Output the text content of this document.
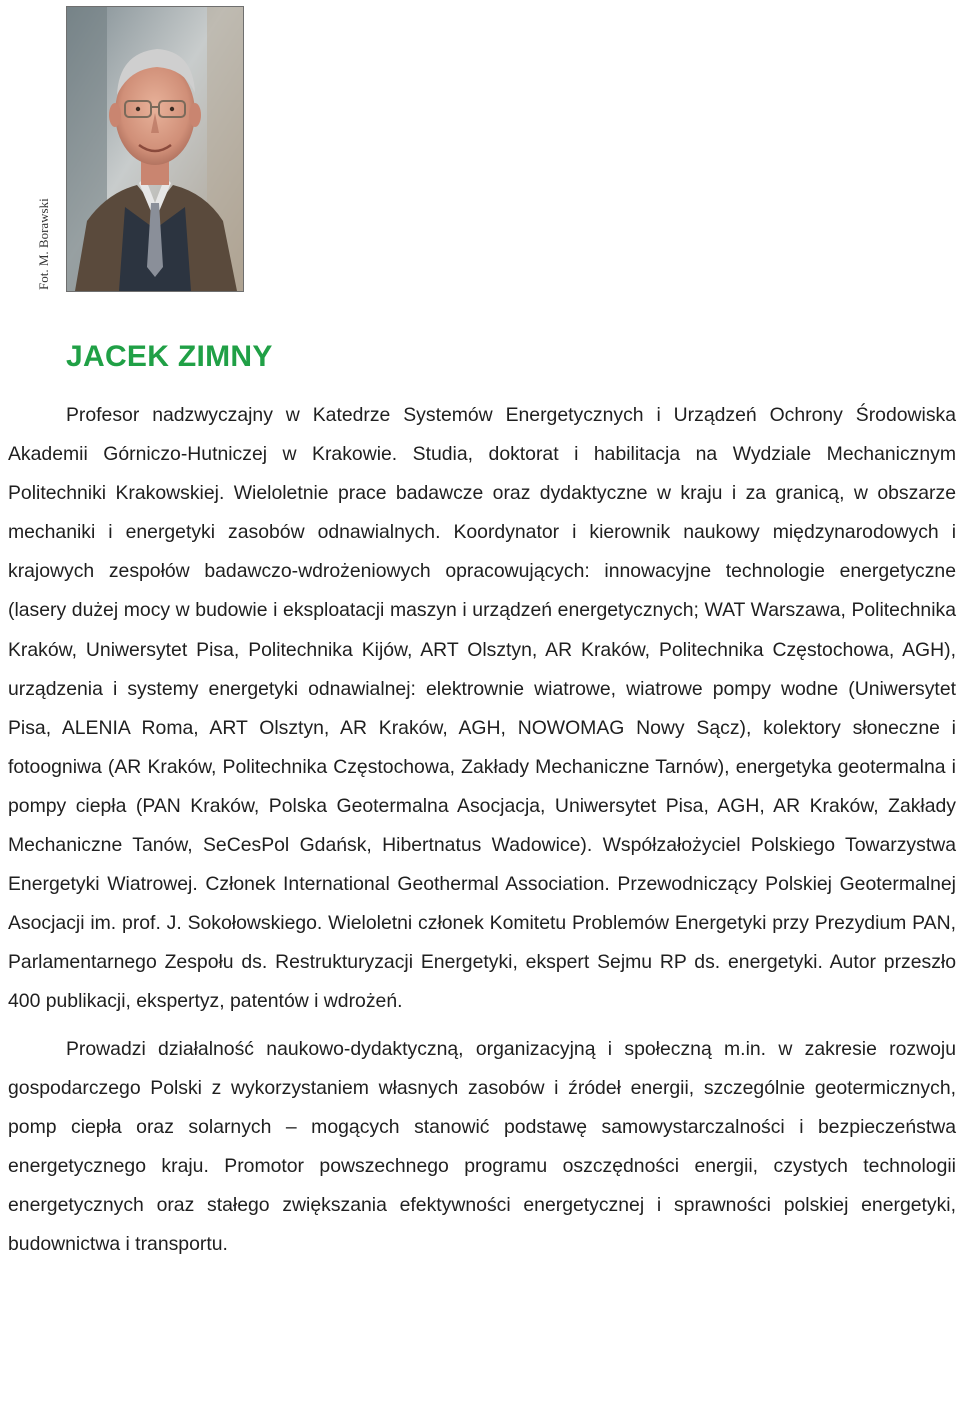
Fot. M. Borawski
JACEK ZIMNY

Profesor nadzwyczajny w Katedrze Systemów Energetycznych i Urządzeń Ochrony Środowiska Akademii Górniczo-Hutniczej w Krakowie. Studia, doktorat i habilitacja na Wydziale Mechanicznym Politechniki Krakowskiej. Wieloletnie prace badawcze oraz dydaktyczne w kraju i za granicą, w obszarze mechaniki i energetyki zasobów odnawialnych. Koordynator i kierownik naukowy międzynarodowych i krajowych zespołów badawczo-wdrożeniowych opracowujących: innowacyjne technologie energetyczne (lasery dużej mocy w budowie i eksploatacji maszyn i urządzeń energetycznych; WAT Warszawa, Politechnika Kraków, Uniwersytet Pisa, Politechnika Kijów, ART Olsztyn, AR Kraków, Politechnika Częstochowa, AGH), urządzenia i systemy energetyki odnawialnej: elektrownie wiatrowe, wiatrowe pompy wodne (Uniwersytet Pisa, ALENIA Roma, ART Olsztyn, AR Kraków, AGH, NOWOMAG Nowy Sącz), kolektory słoneczne i fotoogniwa (AR Kraków, Politechnika Częstochowa, Zakłady Mechaniczne Tarnów), energetyka geotermalna i pompy ciepła (PAN Kraków, Polska Geotermalna Asocjacja, Uniwersytet Pisa, AGH, AR Kraków, Zakłady Mechaniczne Tanów, SeCesPol Gdańsk, Hibertnatus Wadowice). Współzałożyciel Polskiego Towarzystwa Energetyki Wiatrowej. Członek International Geothermal Association. Przewodniczący Polskiej Geotermalnej Asocjacji im. prof. J. Sokołowskiego. Wieloletni członek Komitetu Problemów Energetyki przy Prezydium PAN, Parlamentarnego Zespołu ds. Restrukturyzacji Energetyki, ekspert Sejmu RP ds. energetyki. Autor przeszło 400 publikacji, ekspertyz, patentów i wdrożeń.

Prowadzi działalność naukowo-dydaktyczną, organizacyjną i społeczną m.in. w zakresie rozwoju gospodarczego Polski z wykorzystaniem własnych zasobów i źródeł energii, szczególnie geotermicznych, pomp ciepła oraz solarnych – mogących stanowić podstawę samowystarczalności i bezpieczeństwa energetycznego kraju. Promotor powszechnego programu oszczędności energii, czystych technologii energetycznych oraz stałego zwiększania efektywności energetycznej i sprawności polskiej energetyki, budownictwa i transportu.
